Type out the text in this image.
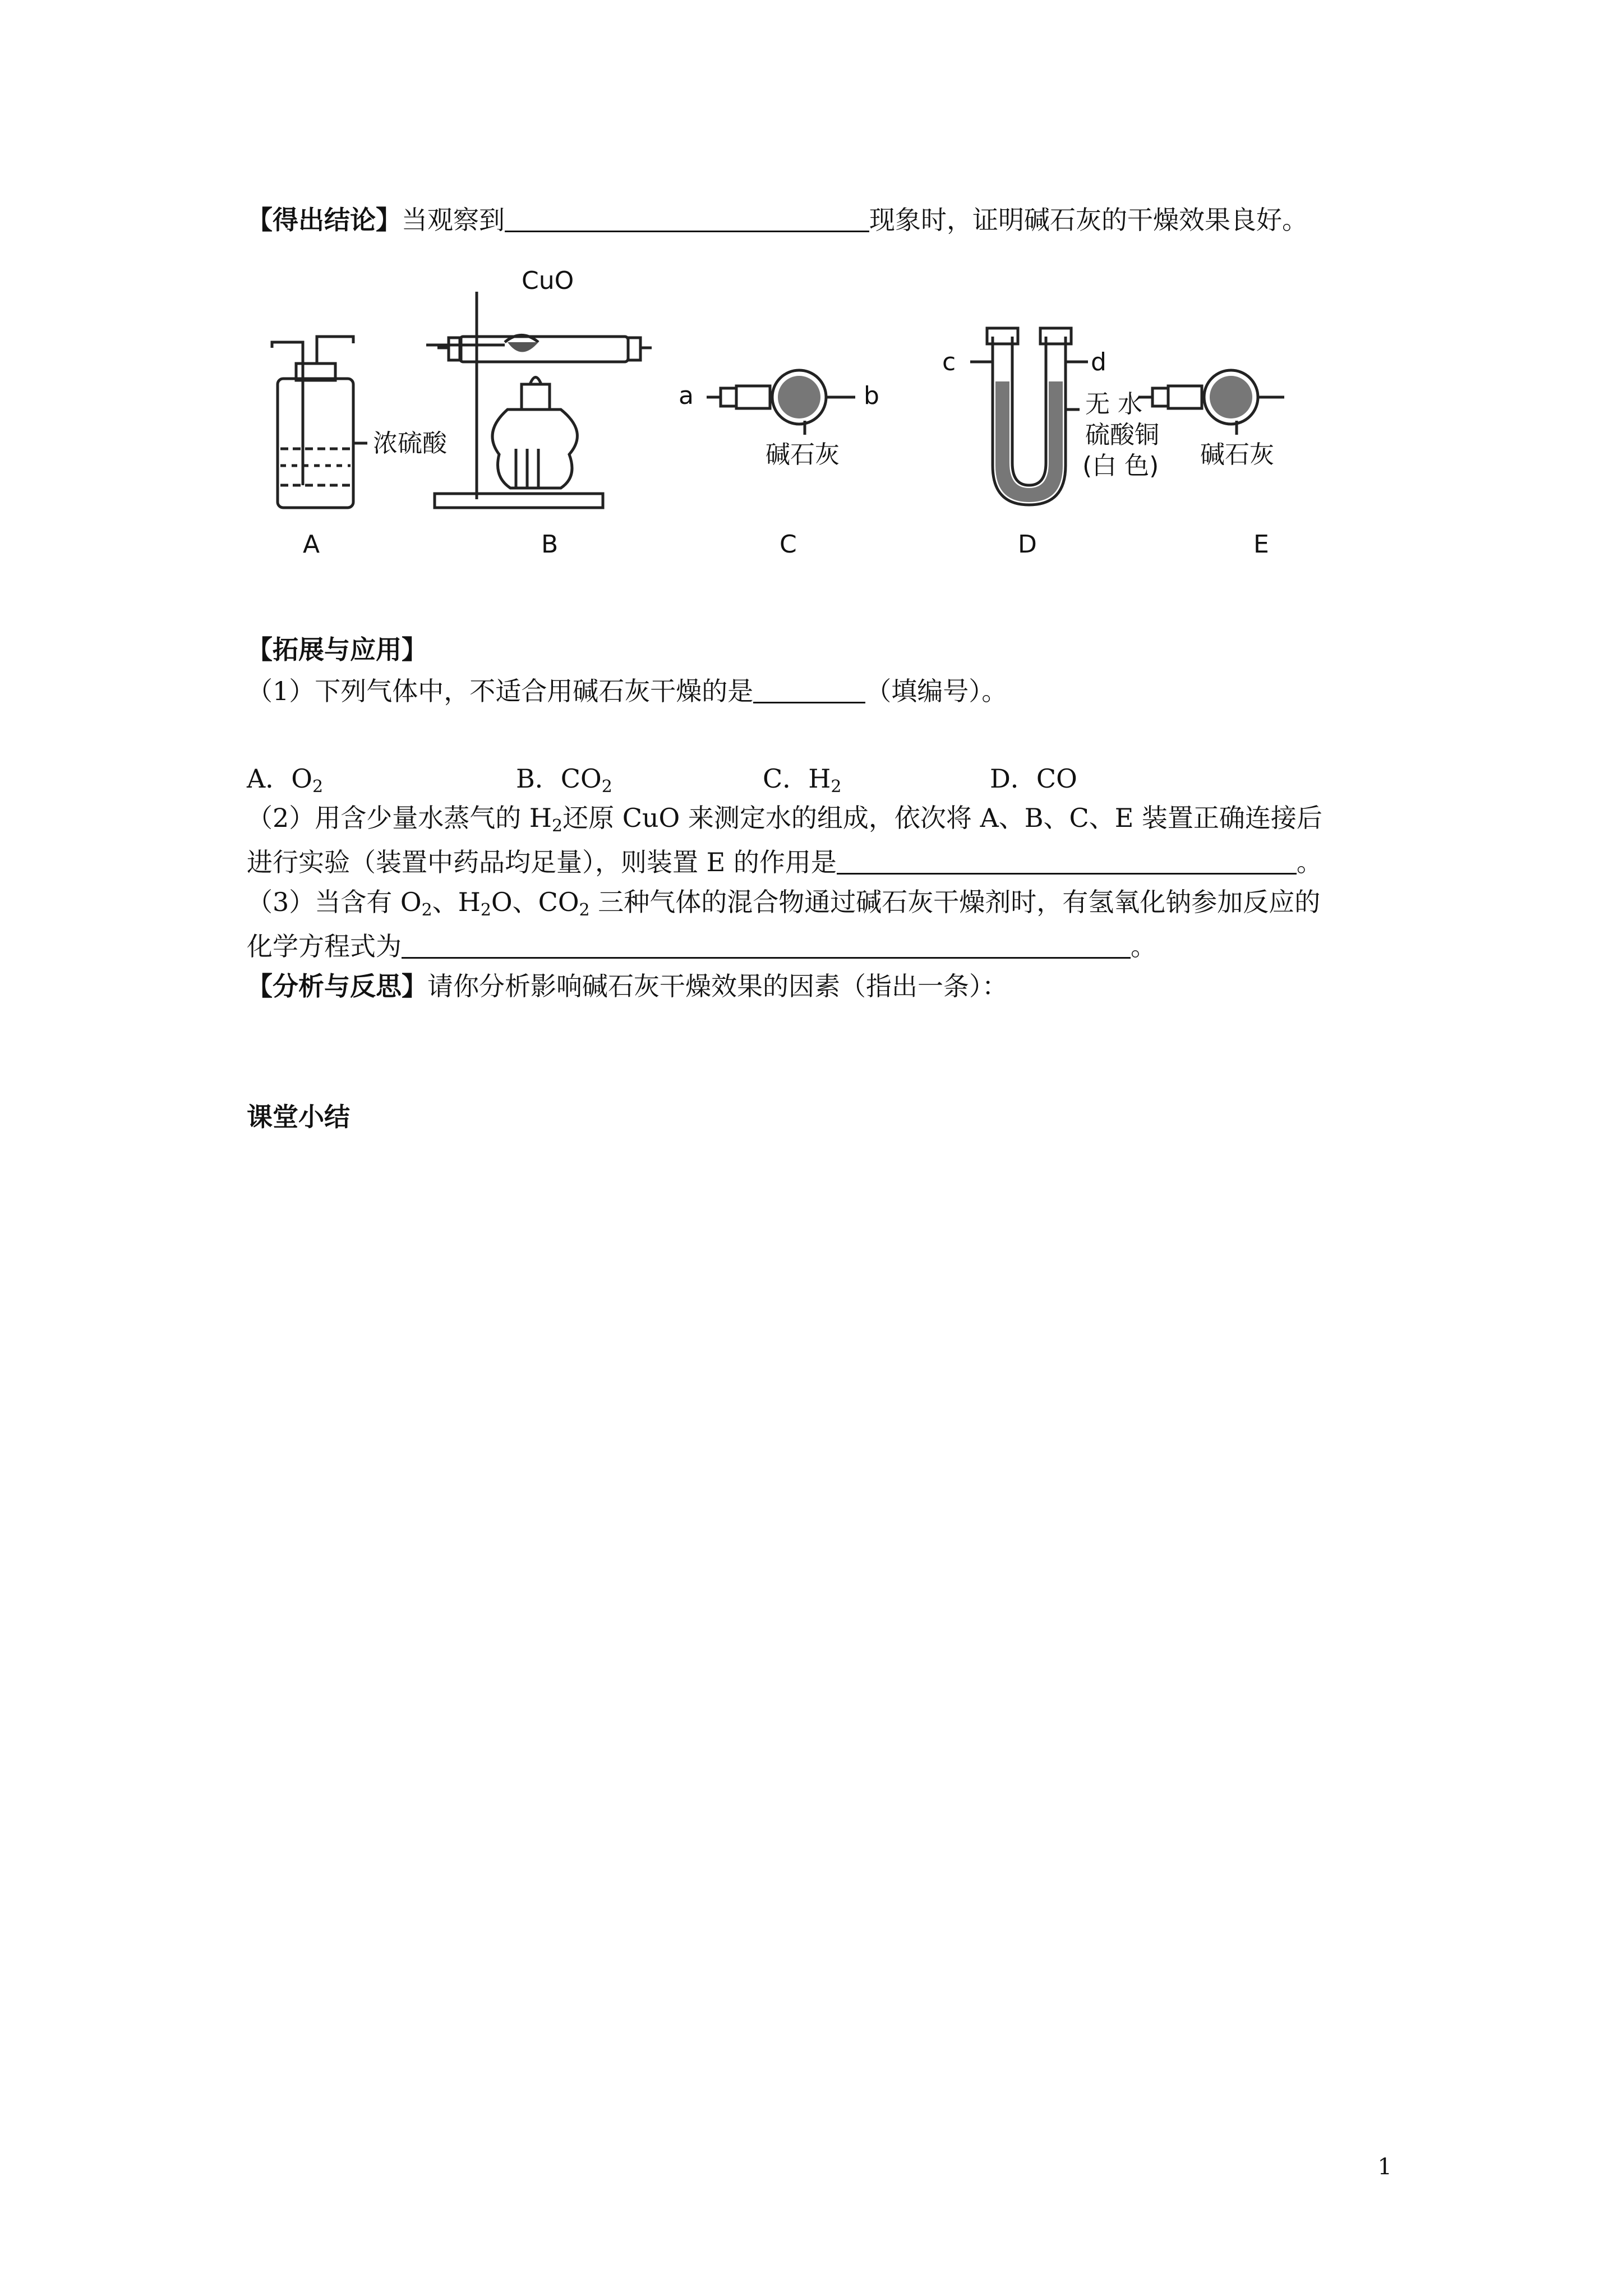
【得出结论】当观察到	现象时，证明碱石灰的干燥效果良好。
CuO
浓硫酸	碱石灰	碱石灰
无 水
硫酸铜
(白 色)
a	b
c	d
A	B	C	D	E
【拓展与应用】
（1）下列气体中，不适合用碱石灰干燥的是	（填编号）。
A．$O_2$	B．$CO_2$	C．$H_2$	D．CO
（2）用含少量水蒸气的 $H_2$还原 CuO 来测定水的组成，依次将 A、B、C、E 装置正确连接后
进行实验（装置中药品均足量），则装置 E 的作用是	。
（3）当含有 $O_2$、$H_2O$、$CO_2$ 三种气体的混合物通过碱石灰干燥剂时，有氢氧化钠参加反应的
化学方程式为	。
【分析与反思】请你分析影响碱石灰干燥效果的因素（指出一条）：
课堂小结
1
